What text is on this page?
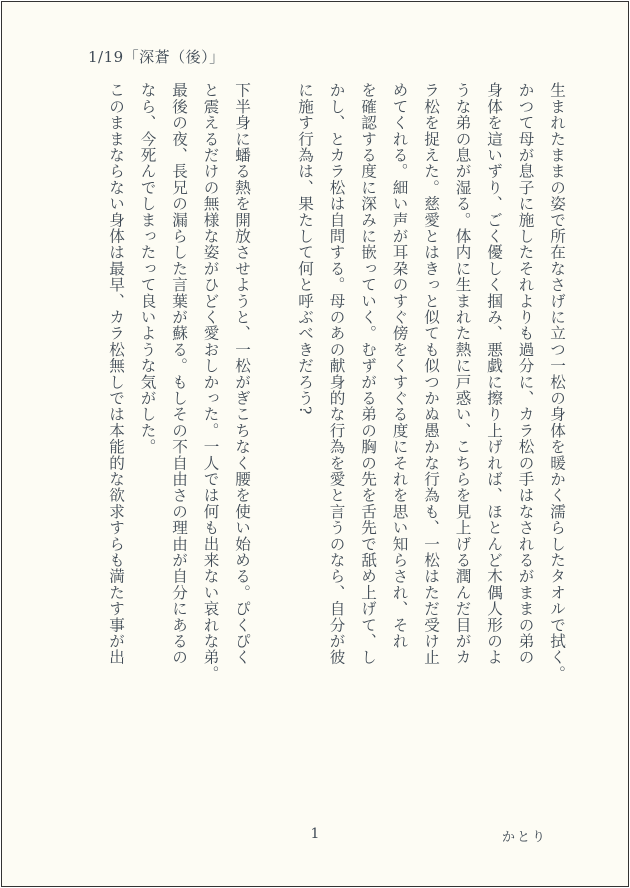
1/19「深蒼（後）」

生まれたままの姿で所在なさげに立つ一松の身体を暖かく濡らしたタオルで拭く。

かつて母が息子に施したそれよりも過分に、カラ松の手はなされるがままの弟の

身体を這いずり、ごく優しく掴み、悪戯に擦り上げれば、ほとんど木偶人形のよ

うな弟の息が湿る。体内に生まれた熱に戸惑い、こちらを見上げる潤んだ目がカ

ラ松を捉えた。慈愛とはきっと似ても似つかぬ愚かな行為も、一松はただ受け止

めてくれる。細い声が耳朶のすぐ傍をくすぐる度にそれを思い知らされ、それ

を確認する度に深みに嵌っていく。むずがる弟の胸の先を舌先で舐め上げて、し

かし、とカラ松は自問する。母のあの献身的な行為を愛と言うのなら、自分が彼

に施す行為は、果たして何と呼ぶべきだろう?

下半身に蟠る熱を開放させようと、一松がぎこちなく腰を使い始める。ぴくぴく

と震えるだけの無様な姿がひどく愛おしかった。一人では何も出来ない哀れな弟。

最後の夜、長兄の漏らした言葉が蘇る。もしその不自由さの理由が自分にあるの

なら、今死んでしまったって良いような気がした。

このままならない身体は最早、カラ松無しでは本能的な欲求すらも満たす事が出

1	かとり
